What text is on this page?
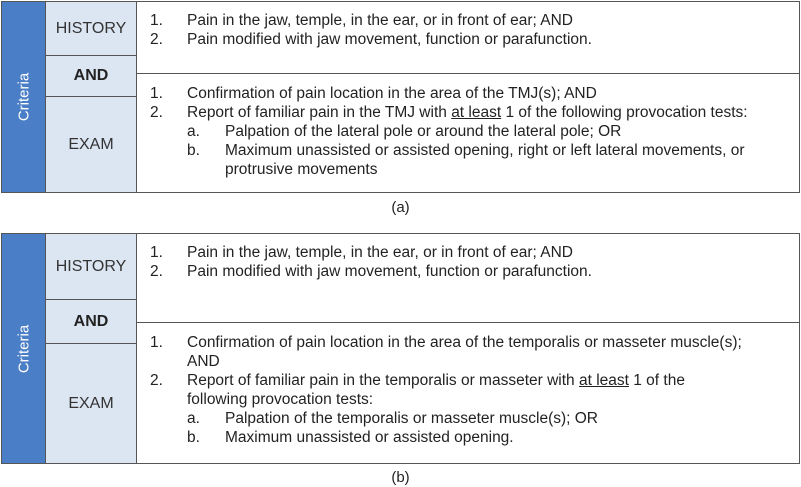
Criteria
HISTORY
AND
EXAM
1. Pain in the jaw, temple, in the ear, or in front of ear; AND
2. Pain modified with jaw movement, function or parafunction.
1. Confirmation of pain location in the area of the TMJ(s); AND
2. Report of familiar pain in the TMJ with at least 1 of the following provocation tests:
a. Palpation of the lateral pole or around the lateral pole; OR
b. Maximum unassisted or assisted opening, right or left lateral movements, or
protrusive movements
(a)
Criteria
HISTORY
AND
EXAM
1. Pain in the jaw, temple, in the ear, or in front of ear; AND
2. Pain modified with jaw movement, function or parafunction.
1. Confirmation of pain location in the area of the temporalis or masseter muscle(s);
AND
2. Report of familiar pain in the temporalis or masseter with at least 1 of the
following provocation tests:
a. Palpation of the temporalis or masseter muscle(s); OR
b. Maximum unassisted or assisted opening.
(b)
